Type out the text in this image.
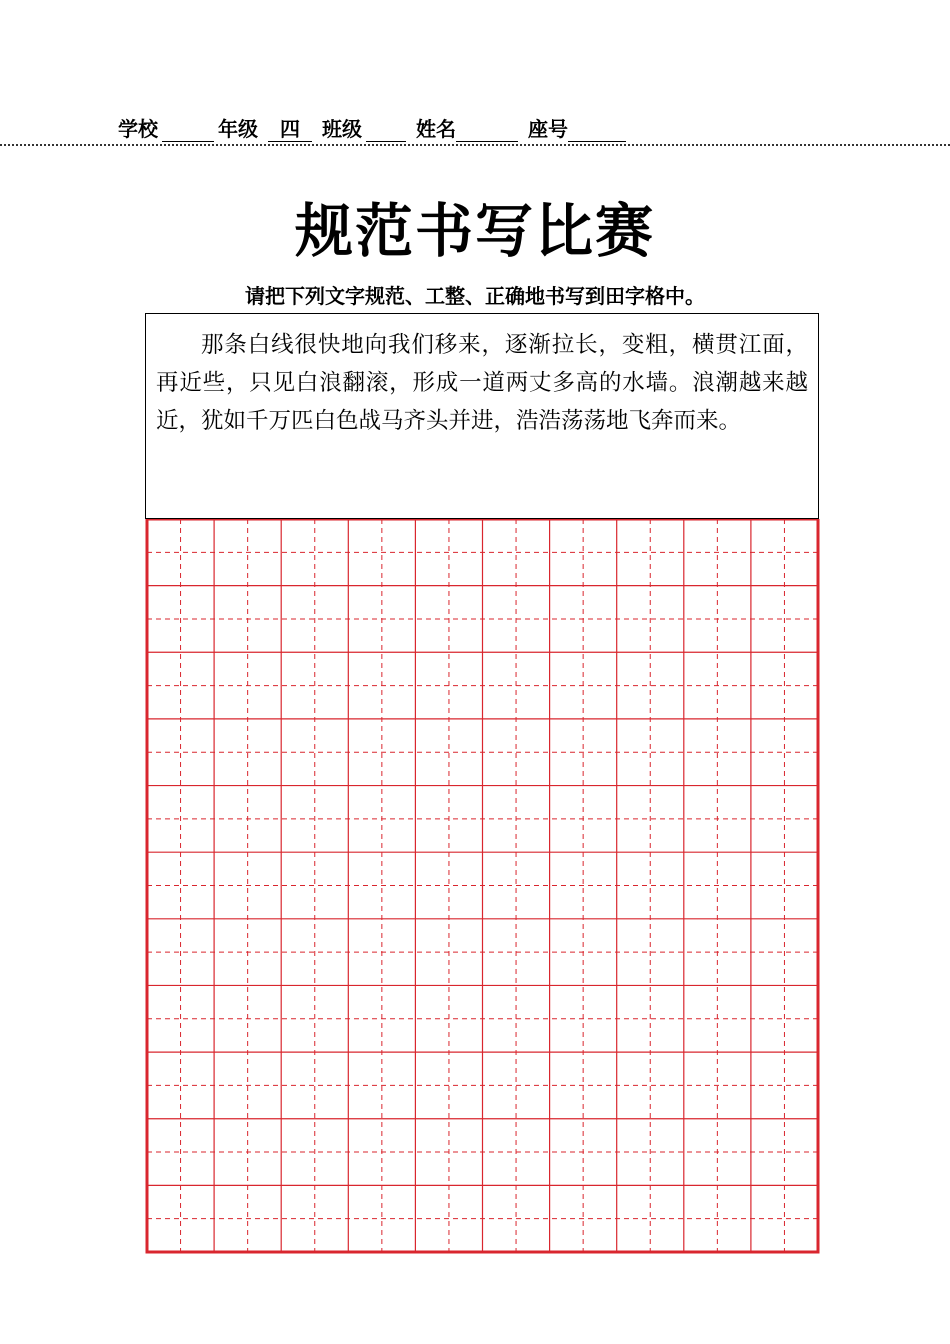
学校	年级	四	班级	姓名	座号
规范书写比赛
请把下列文字规范、工整、正确地书写到田字格中。
那条白线很快地向我们移来，逐渐拉长，变粗，横贯江面，再近些，只见白浪翻滚，形成一道两丈多高的水墙。浪潮越来越近，犹如千万匹白色战马齐头并进，浩浩荡荡地飞奔而来。
